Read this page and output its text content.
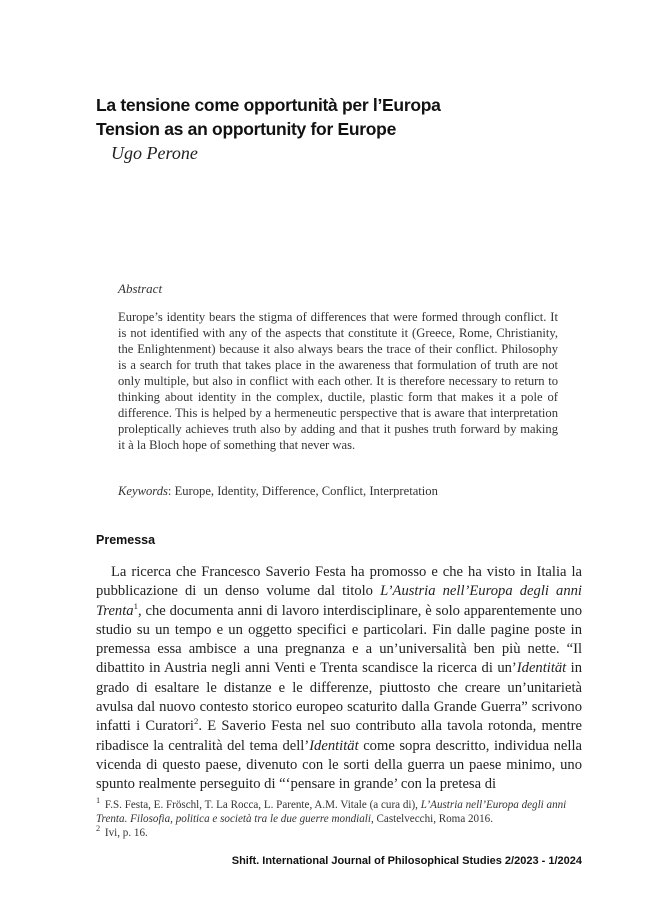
La tensione come opportunità per l’Europa
Tension as an opportunity for Europe

Ugo Perone

Abstract

Europe’s identity bears the stigma of differences that were formed through conflict. It is not identified with any of the aspects that constitute it (Greece, Rome, Christianity, the Enlightenment) because it also always bears the trace of their conflict. Philosophy is a search for truth that takes place in the awareness that formulation of truth are not only multiple, but also in conflict with each other. It is therefore necessary to return to thinking about identity in the complex, ductile, plastic form that makes it a pole of difference. This is helped by a hermeneutic perspective that is aware that interpretation proleptically achieves truth also by adding and that it pushes truth forward by making it à la Bloch hope of something that never was.

Keywords: Europe, Identity, Difference, Conflict, Interpretation

Premessa

La ricerca che Francesco Saverio Festa ha promosso e che ha visto in Italia la pubblicazione di un denso volume dal titolo L’Austria nell’Europa degli anni Trenta$^1$, che documenta anni di lavoro interdisciplinare, è solo apparentemente uno studio su un tempo e un oggetto specifici e particolari. Fin dalle pagine poste in premessa essa ambisce a una pregnanza e a un’universalità ben più nette. “Il dibattito in Austria negli anni Venti e Trenta scandisce la ricerca di un’Identität in grado di esaltare le distanze e le differenze, piuttosto che creare un’unitarietà avulsa dal nuovo contesto storico europeo scaturito dalla Grande Guerra” scrivono infatti i Curatori$^2$. E Saverio Festa nel suo contributo alla tavola rotonda, mentre ribadisce la centralità del tema dell’Identität come sopra descritto, individua nella vicenda di questo paese, divenuto con le sorti della guerra un paese minimo, uno spunto realmente perseguito di “‘pensare in grande’ con la pretesa di

$^1$ F.S. Festa, E. Fröschl, T. La Rocca, L. Parente, A.M. Vitale (a cura di), L’Austria nell’Europa degli anni Trenta. Filosofia, politica e società tra le due guerre mondiali, Castelvecchi, Roma 2016.

$^2$ Ivi, p. 16.

Shift. International Journal of Philosophical Studies 2/2023 - 1/2024
